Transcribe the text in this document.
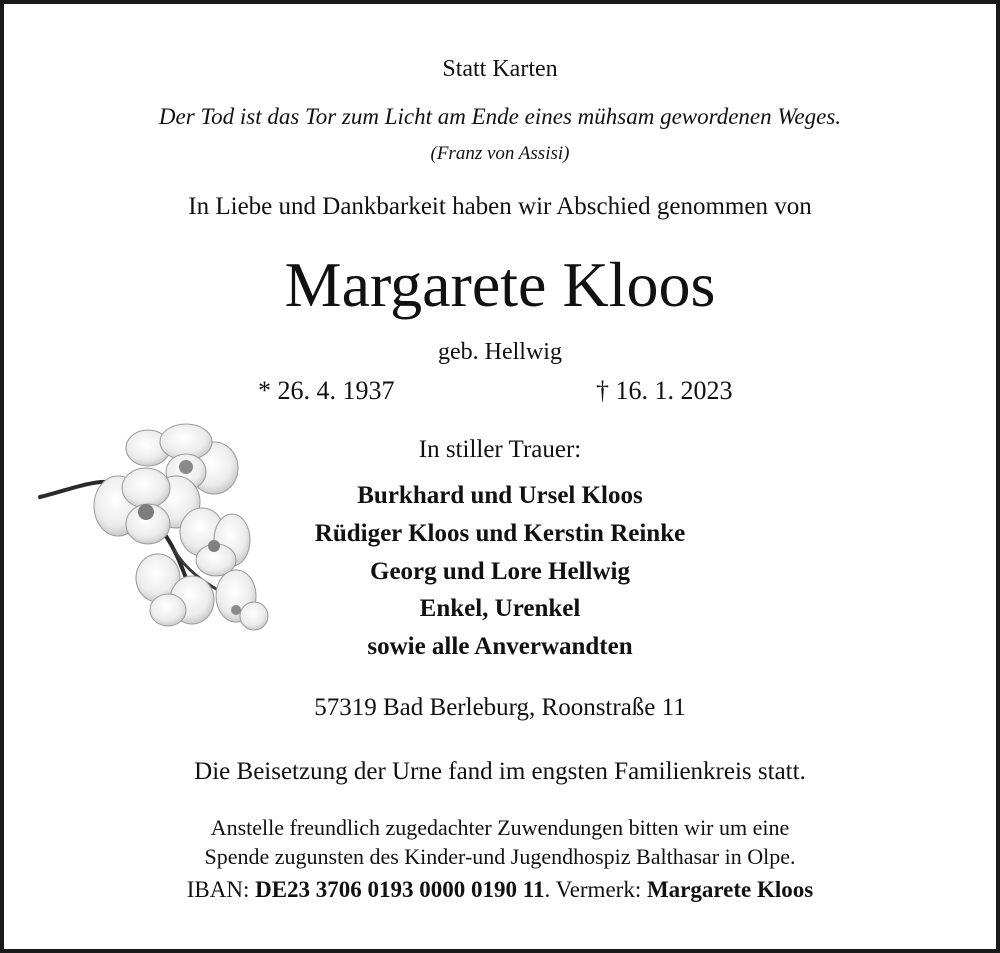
Statt Karten
Der Tod ist das Tor zum Licht am Ende eines mühsam gewordenen Weges.
(Franz von Assisi)
In Liebe und Dankbarkeit haben wir Abschied genommen von
Margarete Kloos
geb. Hellwig
* 26. 4. 1937	† 16. 1. 2023
In stiller Trauer:
Burkhard und Ursel Kloos
Rüdiger Kloos und Kerstin Reinke
Georg und Lore Hellwig
Enkel, Urenkel
sowie alle Anverwandten
57319 Bad Berleburg, Roonstraße 11
Die Beisetzung der Urne fand im engsten Familienkreis statt.
Anstelle freundlich zugedachter Zuwendungen bitten wir um eine
Spende zugunsten des Kinder-und Jugendhospiz Balthasar in Olpe.
IBAN: DE23 3706 0193 0000 0190 11. Vermerk: Margarete Kloos
